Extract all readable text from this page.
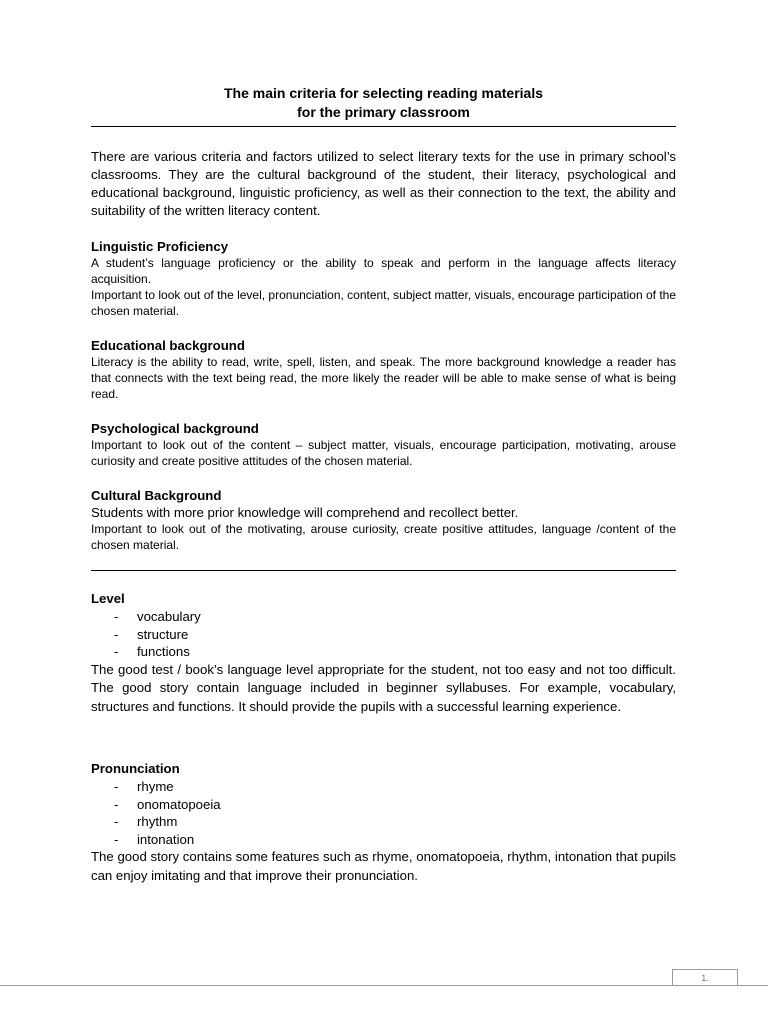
The main criteria for selecting reading materials
for the primary classroom

There are various criteria and factors utilized to select literary texts for the use in primary school’s classrooms. They are the cultural background of the student, their literacy, psychological and educational background, linguistic proficiency, as well as their connection to the text, the ability and suitability of the written literacy content.

Linguistic Proficiency

A student’s language proficiency or the ability to speak and perform in the language affects literacy acquisition.

Important to look out of the level, pronunciation, content, subject matter, visuals, encourage participation of the chosen material.

Educational background

Literacy is the ability to read, write, spell, listen, and speak. The more background knowledge a reader has that connects with the text being read, the more likely the reader will be able to make sense of what is being read.

Psychological background

Important to look out of the content – subject matter, visuals, encourage participation, motivating, arouse curiosity and create positive attitudes of the chosen material.

Cultural Background

Students with more prior knowledge will comprehend and recollect better.

Important to look out of the motivating, arouse curiosity, create positive attitudes, language /content of the chosen material.

Level

- vocabulary
- structure
- functions

The good test / book’s language level appropriate for the student, not too easy and not too difficult. The good story contain language included in beginner syllabuses. For example, vocabulary, structures and functions. It should provide the pupils with a successful learning experience.

Pronunciation

- rhyme
- onomatopoeia
- rhythm
- intonation

The good story contains some features such as rhyme, onomatopoeia, rhythm, intonation that pupils can enjoy imitating and that improve their pronunciation.

1.
